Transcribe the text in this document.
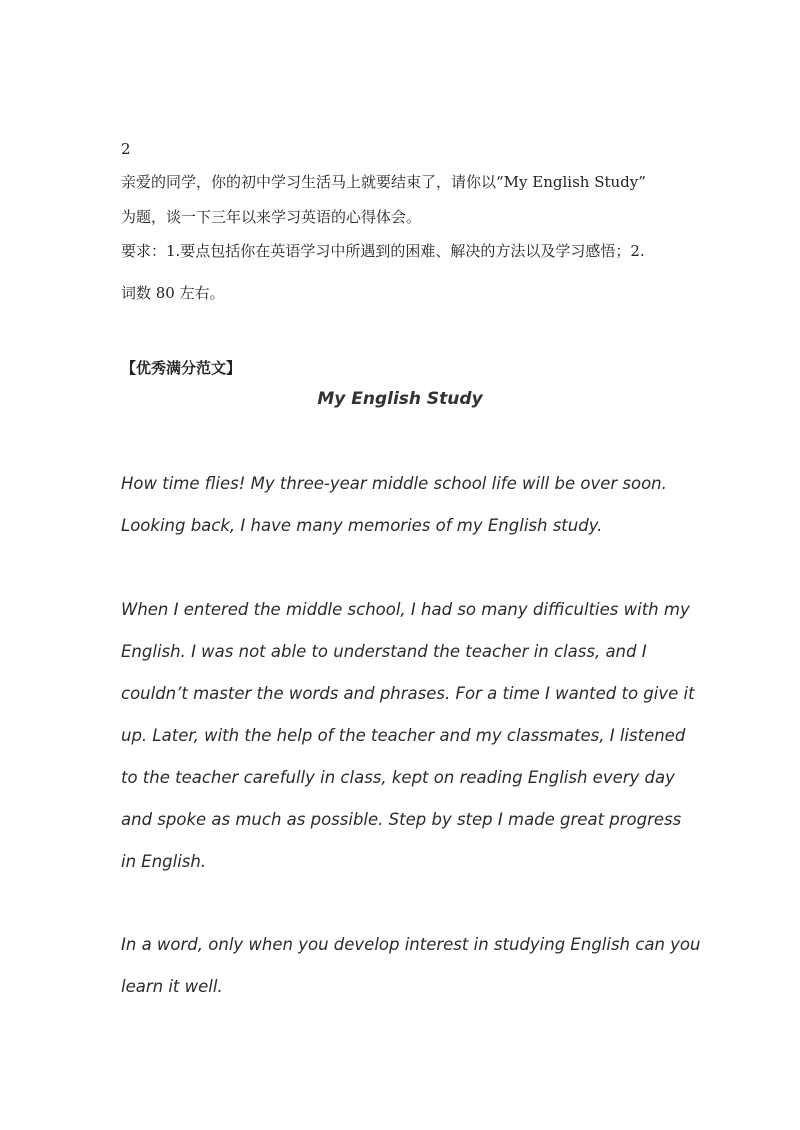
2
亲爱的同学，你的初中学习生活马上就要结束了，请你以“My English Study”
为题，谈一下三年以来学习英语的心得体会。
要求：1.要点包括你在英语学习中所遇到的困难、解决的方法以及学习感悟；2.
词数 80 左右。
【优秀满分范文】
My English Study

How time flies! My three-year middle school life will be over soon. Looking back, I have many memories of my English study.

When I entered the middle school, I had so many difficulties with my English. I was not able to understand the teacher in class, and I couldn’t master the words and phrases. For a time I wanted to give it up. Later, with the help of the teacher and my classmates, I listened to the teacher carefully in class, kept on reading English every day and spoke as much as possible. Step by step I made great progress in English.

In a word, only when you develop interest in studying English can you learn it well.
